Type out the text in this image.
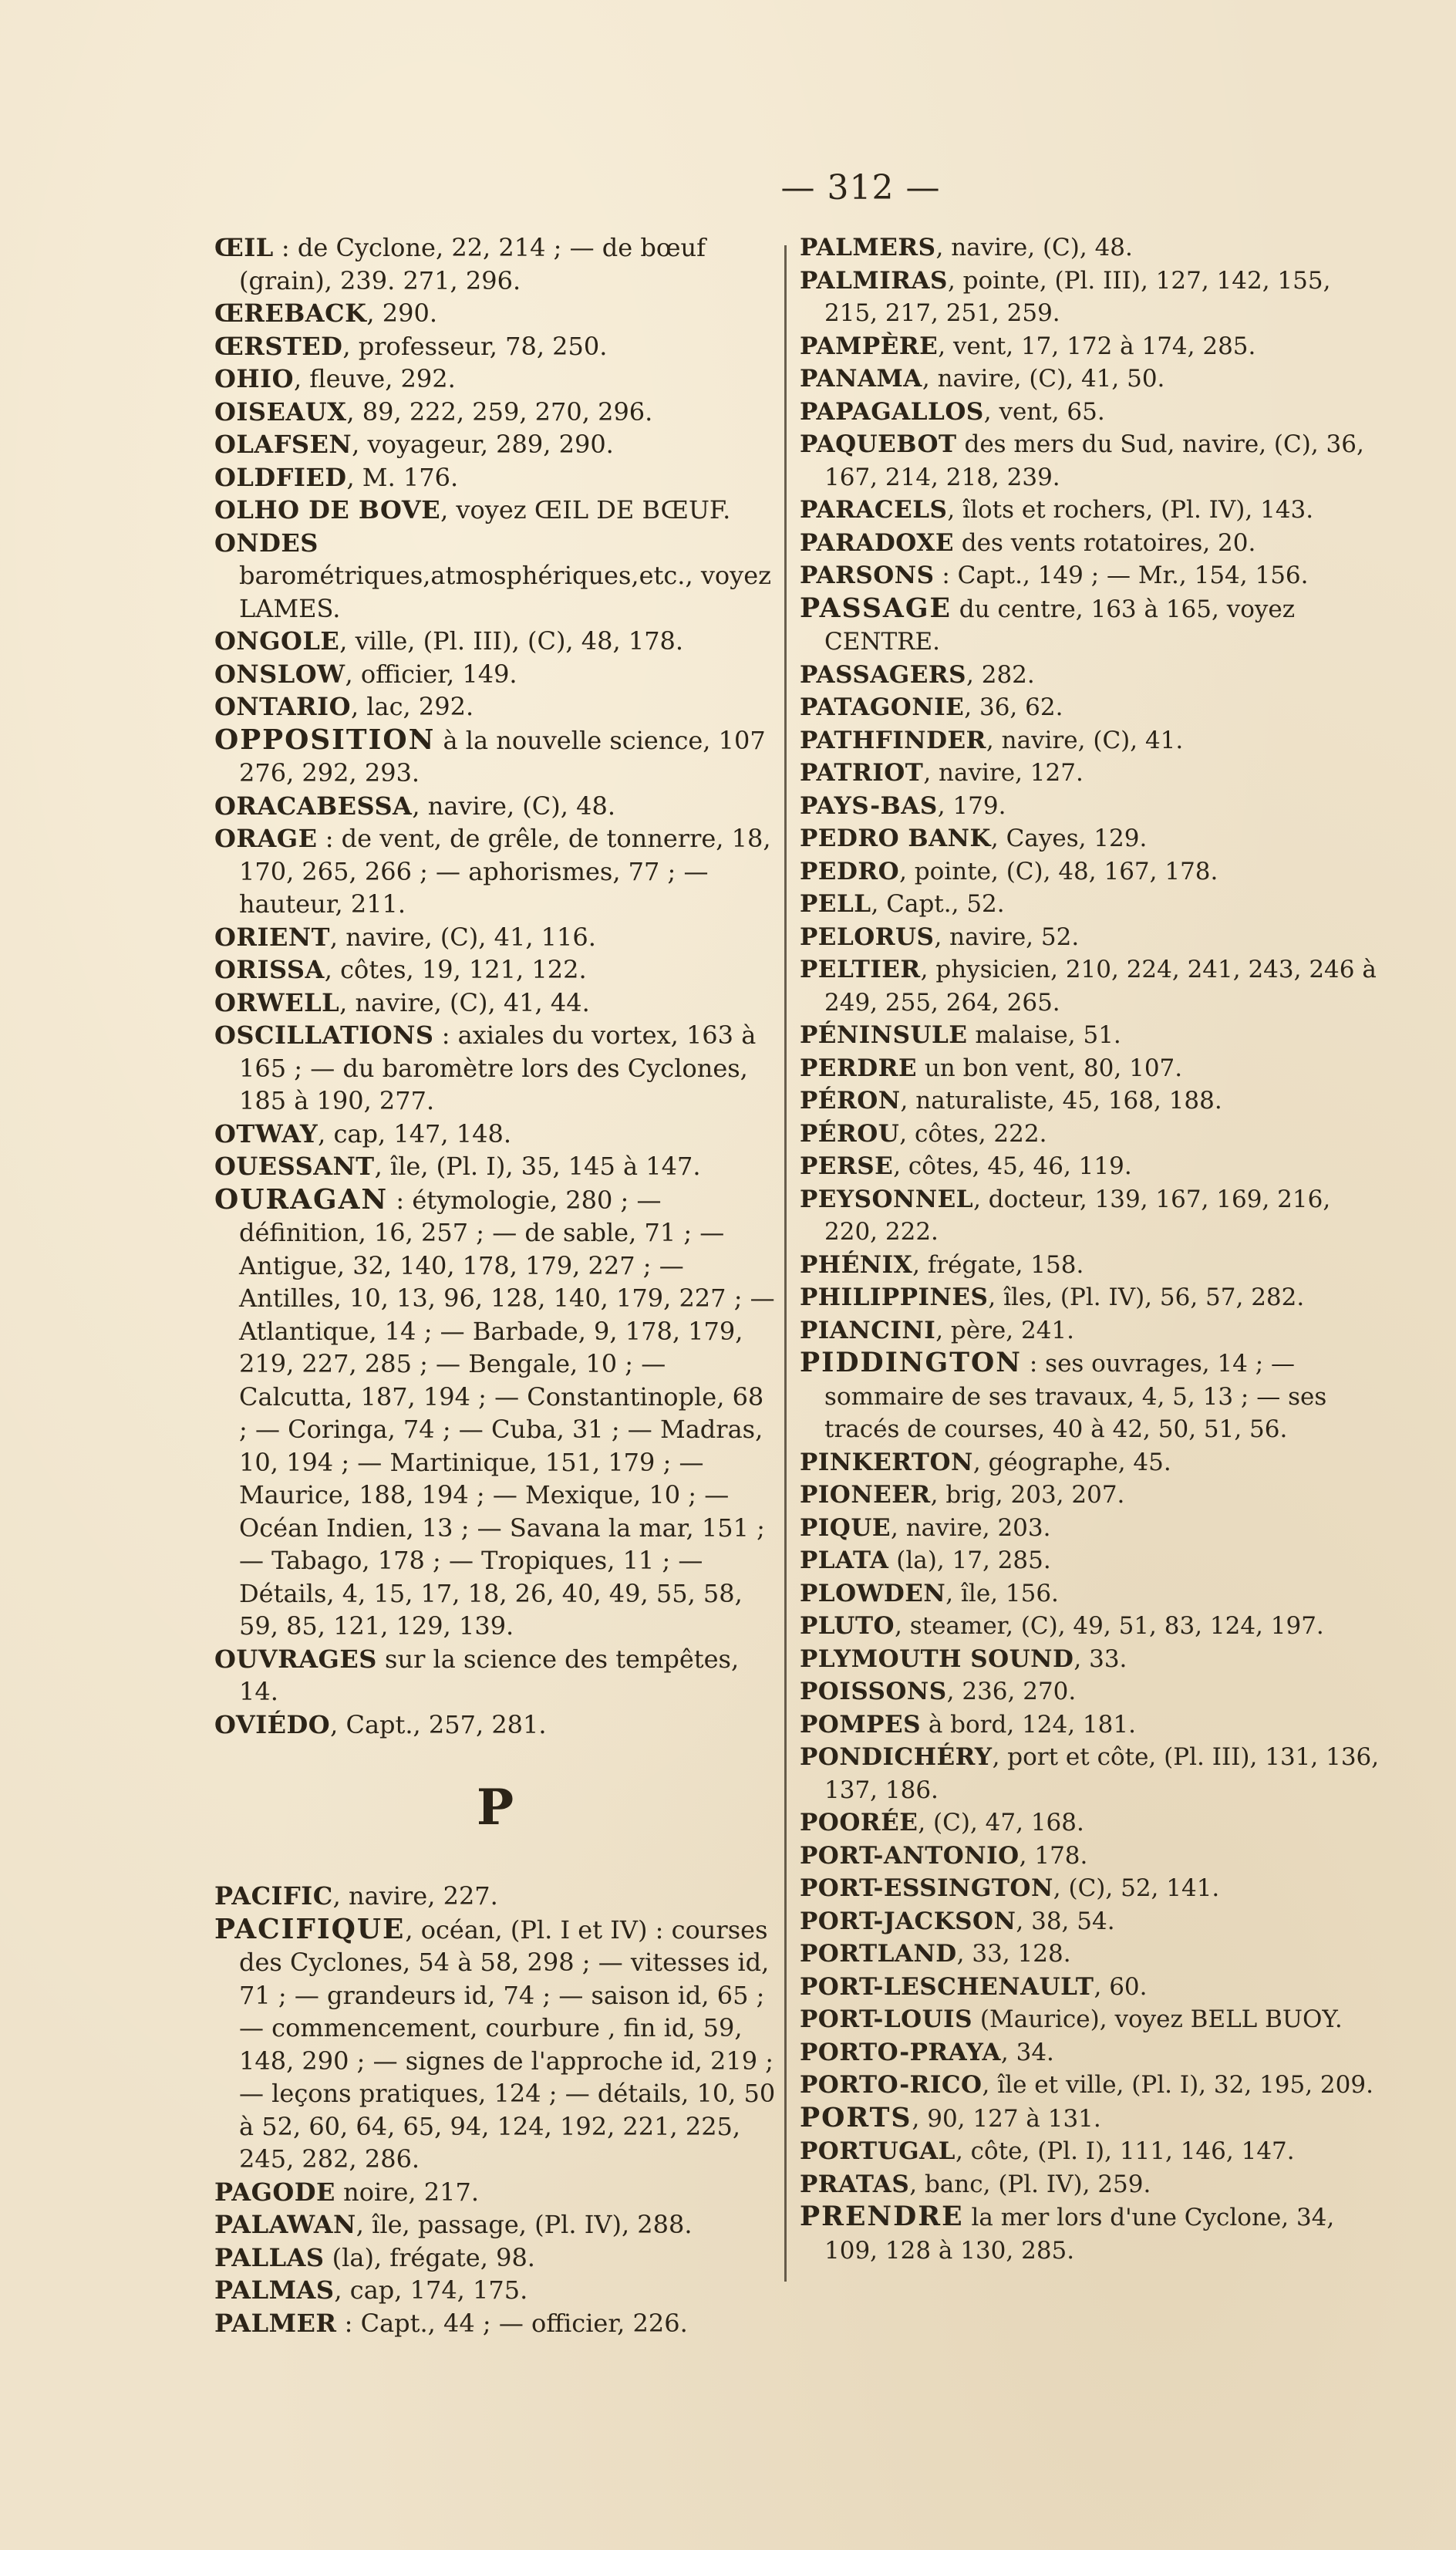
— 312 —

ŒIL : de Cyclone, 22, 214 ; — de bœuf (grain), 239. 271, 296.

ŒREBACK, 290.

ŒRSTED, professeur, 78, 250.

OHIO, fleuve, 292.

OISEAUX, 89, 222, 259, 270, 296.

OLAFSEN, voyageur, 289, 290.

OLDFIED, M. 176.

OLHO DE BOVE, voyez ŒIL DE BŒUF.

ONDES barométriques,atmosphériques,etc., voyez LAMES.

ONGOLE, ville, (Pl. III), (C), 48, 178.

ONSLOW, officier, 149.

ONTARIO, lac, 292.

OPPOSITION à la nouvelle science, 107 276, 292, 293.

ORACABESSA, navire, (C), 48.

ORAGE : de vent, de grêle, de tonnerre, 18, 170, 265, 266 ; — aphorismes, 77 ; — hauteur, 211.

ORIENT, navire, (C), 41, 116.

ORISSA, côtes, 19, 121, 122.

ORWELL, navire, (C), 41, 44.

OSCILLATIONS : axiales du vortex, 163 à 165 ; — du baromètre lors des Cyclones, 185 à 190, 277.

OTWAY, cap, 147, 148.

OUESSANT, île, (Pl. I), 35, 145 à 147.

OURAGAN : étymologie, 280 ; — définition, 16, 257 ; — de sable, 71 ; — Antigue, 32, 140, 178, 179, 227 ; — Antilles, 10, 13, 96, 128, 140, 179, 227 ; — Atlantique, 14 ; — Barbade, 9, 178, 179, 219, 227, 285 ; — Bengale, 10 ; — Calcutta, 187, 194 ; — Constantinople, 68 ; — Coringa, 74 ; — Cuba, 31 ; — Madras, 10, 194 ; — Martinique, 151, 179 ; — Maurice, 188, 194 ; — Mexique, 10 ; — Océan Indien, 13 ; — Savana la mar, 151 ; — Tabago, 178 ; — Tropiques, 11 ; — Détails, 4, 15, 17, 18, 26, 40, 49, 55, 58, 59, 85, 121, 129, 139.

OUVRAGES sur la science des tempêtes, 14.

OVIÉDO, Capt., 257, 281.

P

PACIFIC, navire, 227.

PACIFIQUE, océan, (Pl. I et IV) : courses des Cyclones, 54 à 58, 298 ; — vitesses id, 71 ; — grandeurs id, 74 ; — saison id, 65 ; — commencement, courbure , fin id, 59, 148, 290 ; — signes de l'approche id, 219 ; — leçons pratiques, 124 ; — détails, 10, 50 à 52, 60, 64, 65, 94, 124, 192, 221, 225, 245, 282, 286.

PAGODE noire, 217.

PALAWAN, île, passage, (Pl. IV), 288.

PALLAS (la), frégate, 98.

PALMAS, cap, 174, 175.

PALMER : Capt., 44 ; — officier, 226.

PALMERS, navire, (C), 48.

PALMIRAS, pointe, (Pl. III), 127, 142, 155, 215, 217, 251, 259.

PAMPÈRE, vent, 17, 172 à 174, 285.

PANAMA, navire, (C), 41, 50.

PAPAGALLOS, vent, 65.

PAQUEBOT des mers du Sud, navire, (C), 36, 167, 214, 218, 239.

PARACELS, îlots et rochers, (Pl. IV), 143.

PARADOXE des vents rotatoires, 20.

PARSONS : Capt., 149 ; — Mr., 154, 156.

PASSAGE du centre, 163 à 165, voyez CENTRE.

PASSAGERS, 282.

PATAGONIE, 36, 62.

PATHFINDER, navire, (C), 41.

PATRIOT, navire, 127.

PAYS-BAS, 179.

PEDRO BANK, Cayes, 129.

PEDRO, pointe, (C), 48, 167, 178.

PELL, Capt., 52.

PELORUS, navire, 52.

PELTIER, physicien, 210, 224, 241, 243, 246 à 249, 255, 264, 265.

PÉNINSULE malaise, 51.

PERDRE un bon vent, 80, 107.

PÉRON, naturaliste, 45, 168, 188.

PÉROU, côtes, 222.

PERSE, côtes, 45, 46, 119.

PEYSONNEL, docteur, 139, 167, 169, 216, 220, 222.

PHÉNIX, frégate, 158.

PHILIPPINES, îles, (Pl. IV), 56, 57, 282.

PIANCINI, père, 241.

PIDDINGTON : ses ouvrages, 14 ; — sommaire de ses travaux, 4, 5, 13 ; — ses tracés de courses, 40 à 42, 50, 51, 56.

PINKERTON, géographe, 45.

PIONEER, brig, 203, 207.

PIQUE, navire, 203.

PLATA (la), 17, 285.

PLOWDEN, île, 156.

PLUTO, steamer, (C), 49, 51, 83, 124, 197.

PLYMOUTH SOUND, 33.

POISSONS, 236, 270.

POMPES à bord, 124, 181.

PONDICHÉRY, port et côte, (Pl. III), 131, 136, 137, 186.

POORÉE, (C), 47, 168.

PORT-ANTONIO, 178.

PORT-ESSINGTON, (C), 52, 141.

PORT-JACKSON, 38, 54.

PORTLAND, 33, 128.

PORT-LESCHENAULT, 60.

PORT-LOUIS (Maurice), voyez BELL BUOY.

PORTO-PRAYA, 34.

PORTO-RICO, île et ville, (Pl. I), 32, 195, 209.

PORTS, 90, 127 à 131.

PORTUGAL, côte, (Pl. I), 111, 146, 147.

PRATAS, banc, (Pl. IV), 259.

PRENDRE la mer lors d'une Cyclone, 34, 109, 128 à 130, 285.
